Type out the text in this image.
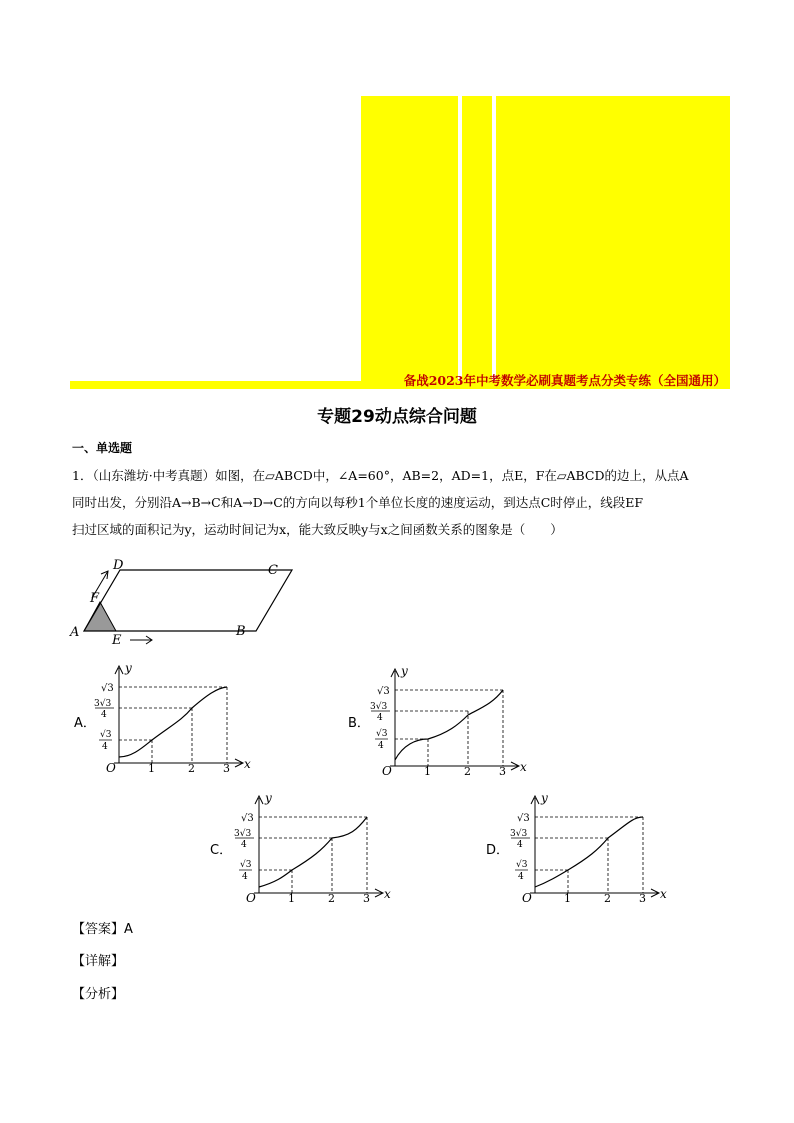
备战2023年中考数学必刷真题考点分类专练（全国通用）
专题29动点综合问题
一、单选题
1．（山东潍坊·中考真题）如图，在▱ABCD中，∠A=60°，AB=2，AD=1，点E，F在▱ABCD的边上，从点A
同时出发，分别沿A→B→C和A→D→C的方向以每秒1个单位长度的速度运动，到达点C时停止，线段EF
扫过区域的面积记为y，运动时间记为x，能大致反映y与x之间函数关系的图象是（　　）
A	B
C
D
E
F
A．	B．
C．	D．
y
x
O	1	2	3
√3
3√3
4
√3
4
y
x
O	1	2	3
√3
3√3
4
√3
4
y
x
O	1	2	3
√3
3√3
4
√3
4
y
x
O	1	2	3
√3
3√3
4
√3
4
【答案】A
【详解】
【分析】
